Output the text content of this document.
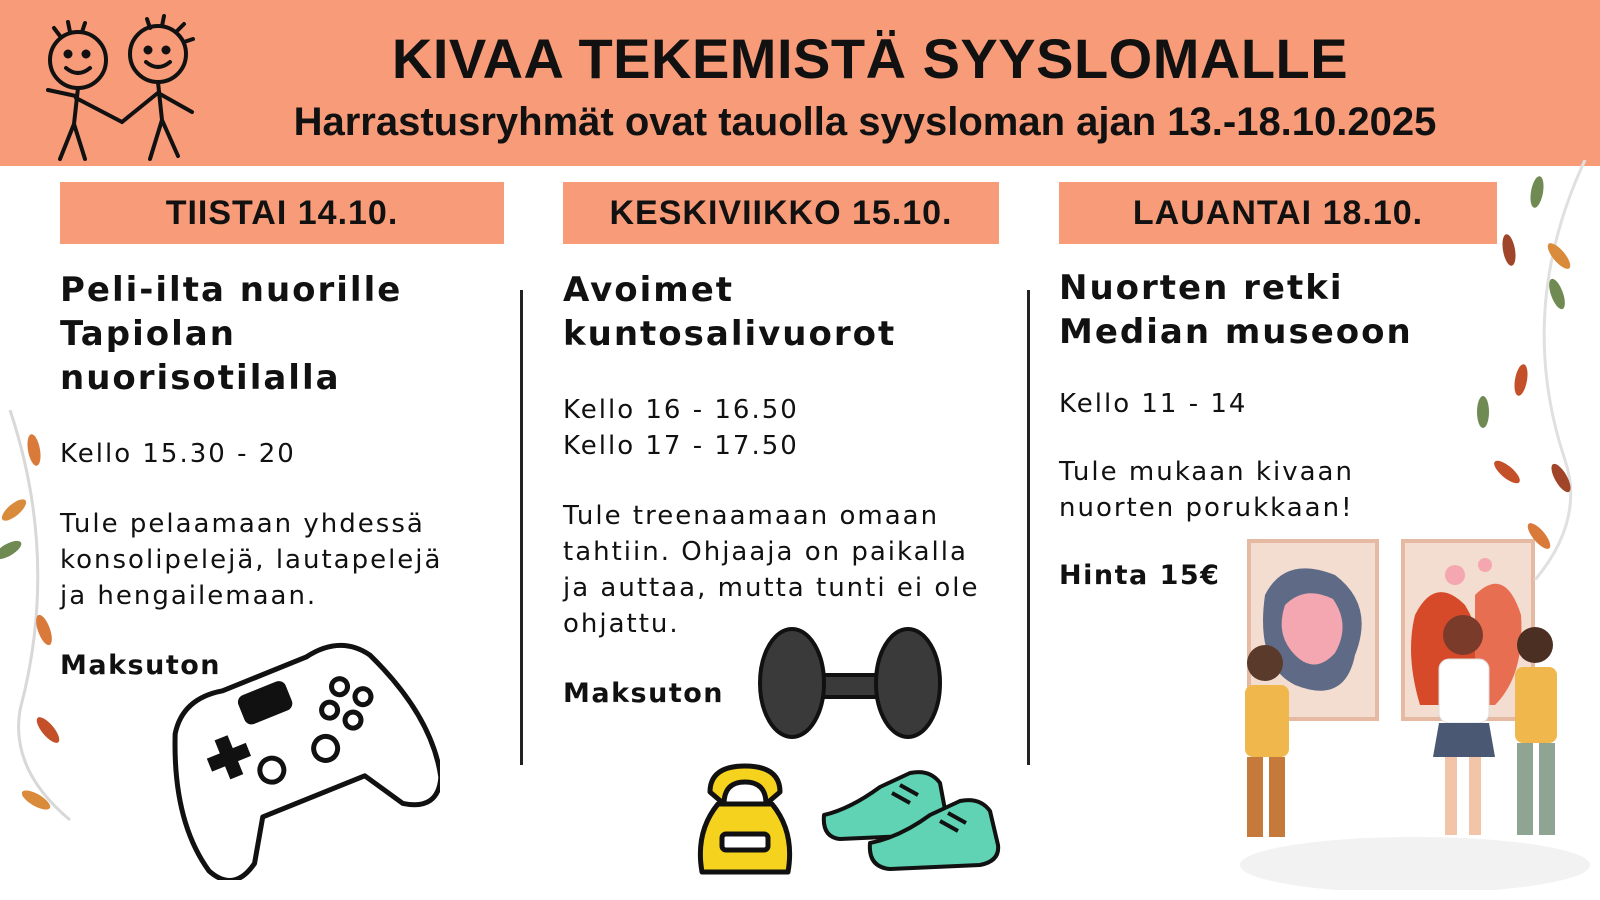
KIVAA TEKEMISTÄ SYYSLOMALLE
Harrastusryhmät ovat tauolla syysloman ajan 13.-18.10.2025
TIISTAI 14.10.	KESKIVIIKKO 15.10.	LAUANTAI 18.10.

Peli-ilta nuorille
Tapiolan nuorisotilalla

Kello 15.30 - 20

Tule pelaamaan yhdessä
konsolipelejä, lautapelejä
ja hengailemaan.

Maksuton

Avoimet
kuntosalivuorot

Kello 16 - 16.50
Kello 17 - 17.50

Tule treenaamaan omaan
tahtiin. Ohjaaja on paikalla
ja auttaa, mutta tunti ei ole
ohjattu.

Maksuton

Nuorten retki
Median museoon

Kello 11 - 14

Tule mukaan kivaan
nuorten porukkaan!

Hinta 15€
